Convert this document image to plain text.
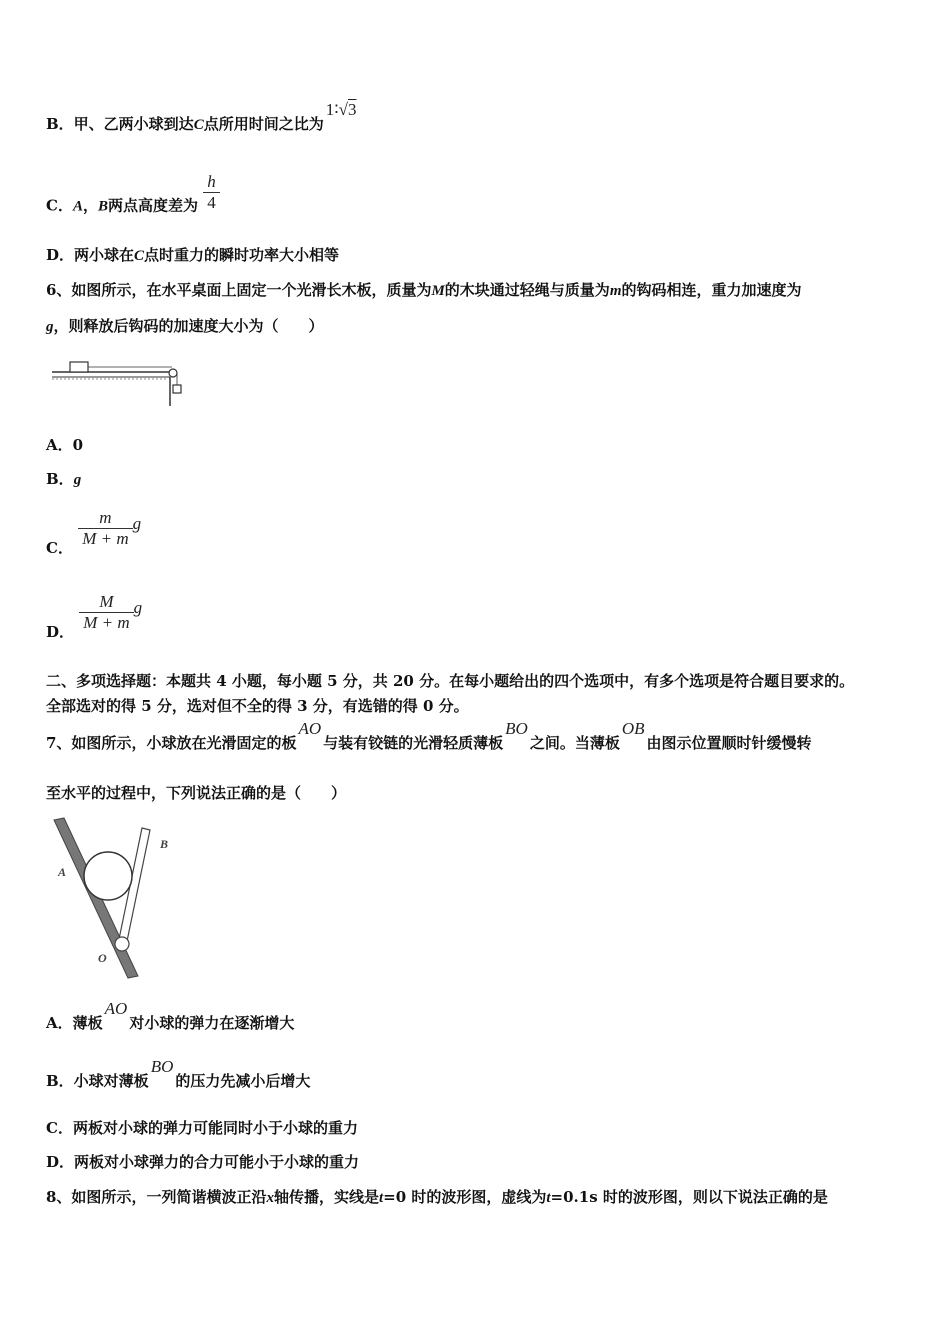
B．甲、乙两小球到达C点所用时间之比为1∶√3
C．A，B两点高度差为 $\frac{h}{4}$
D．两小球在C点时重力的瞬时功率大小相等
6、如图所示，在水平桌面上固定一个光滑长木板，质量为M的木块通过轻绳与质量为m的钩码相连，重力加速度为
g，则释放后钩码的加速度大小为（　　）
A．0
B．g
C． $\frac{m}{M + m}$ g
D． $\frac{M}{M + m}$ g
二、多项选择题：本题共 4 小题，每小题 5 分，共 20 分。在每小题给出的四个选项中，有多个选项是符合题目要求的。
全部选对的得 5 分，选对但不全的得 3 分，有选错的得 0 分。
7、如图所示，小球放在光滑固定的板AO与装有铰链的光滑轻质薄板BO之间。当薄板OB由图示位置顺时针缓慢转
至水平的过程中，下列说法正确的是（　　）
A
B
O
A．薄板AO对小球的弹力在逐渐增大
B．小球对薄板BO的压力先减小后增大
C．两板对小球的弹力可能同时小于小球的重力
D．两板对小球弹力的合力可能小于小球的重力
8、如图所示，一列简谐横波正沿x轴传播，实线是t=0 时的波形图，虚线为t=0.1s 时的波形图，则以下说法正确的是
